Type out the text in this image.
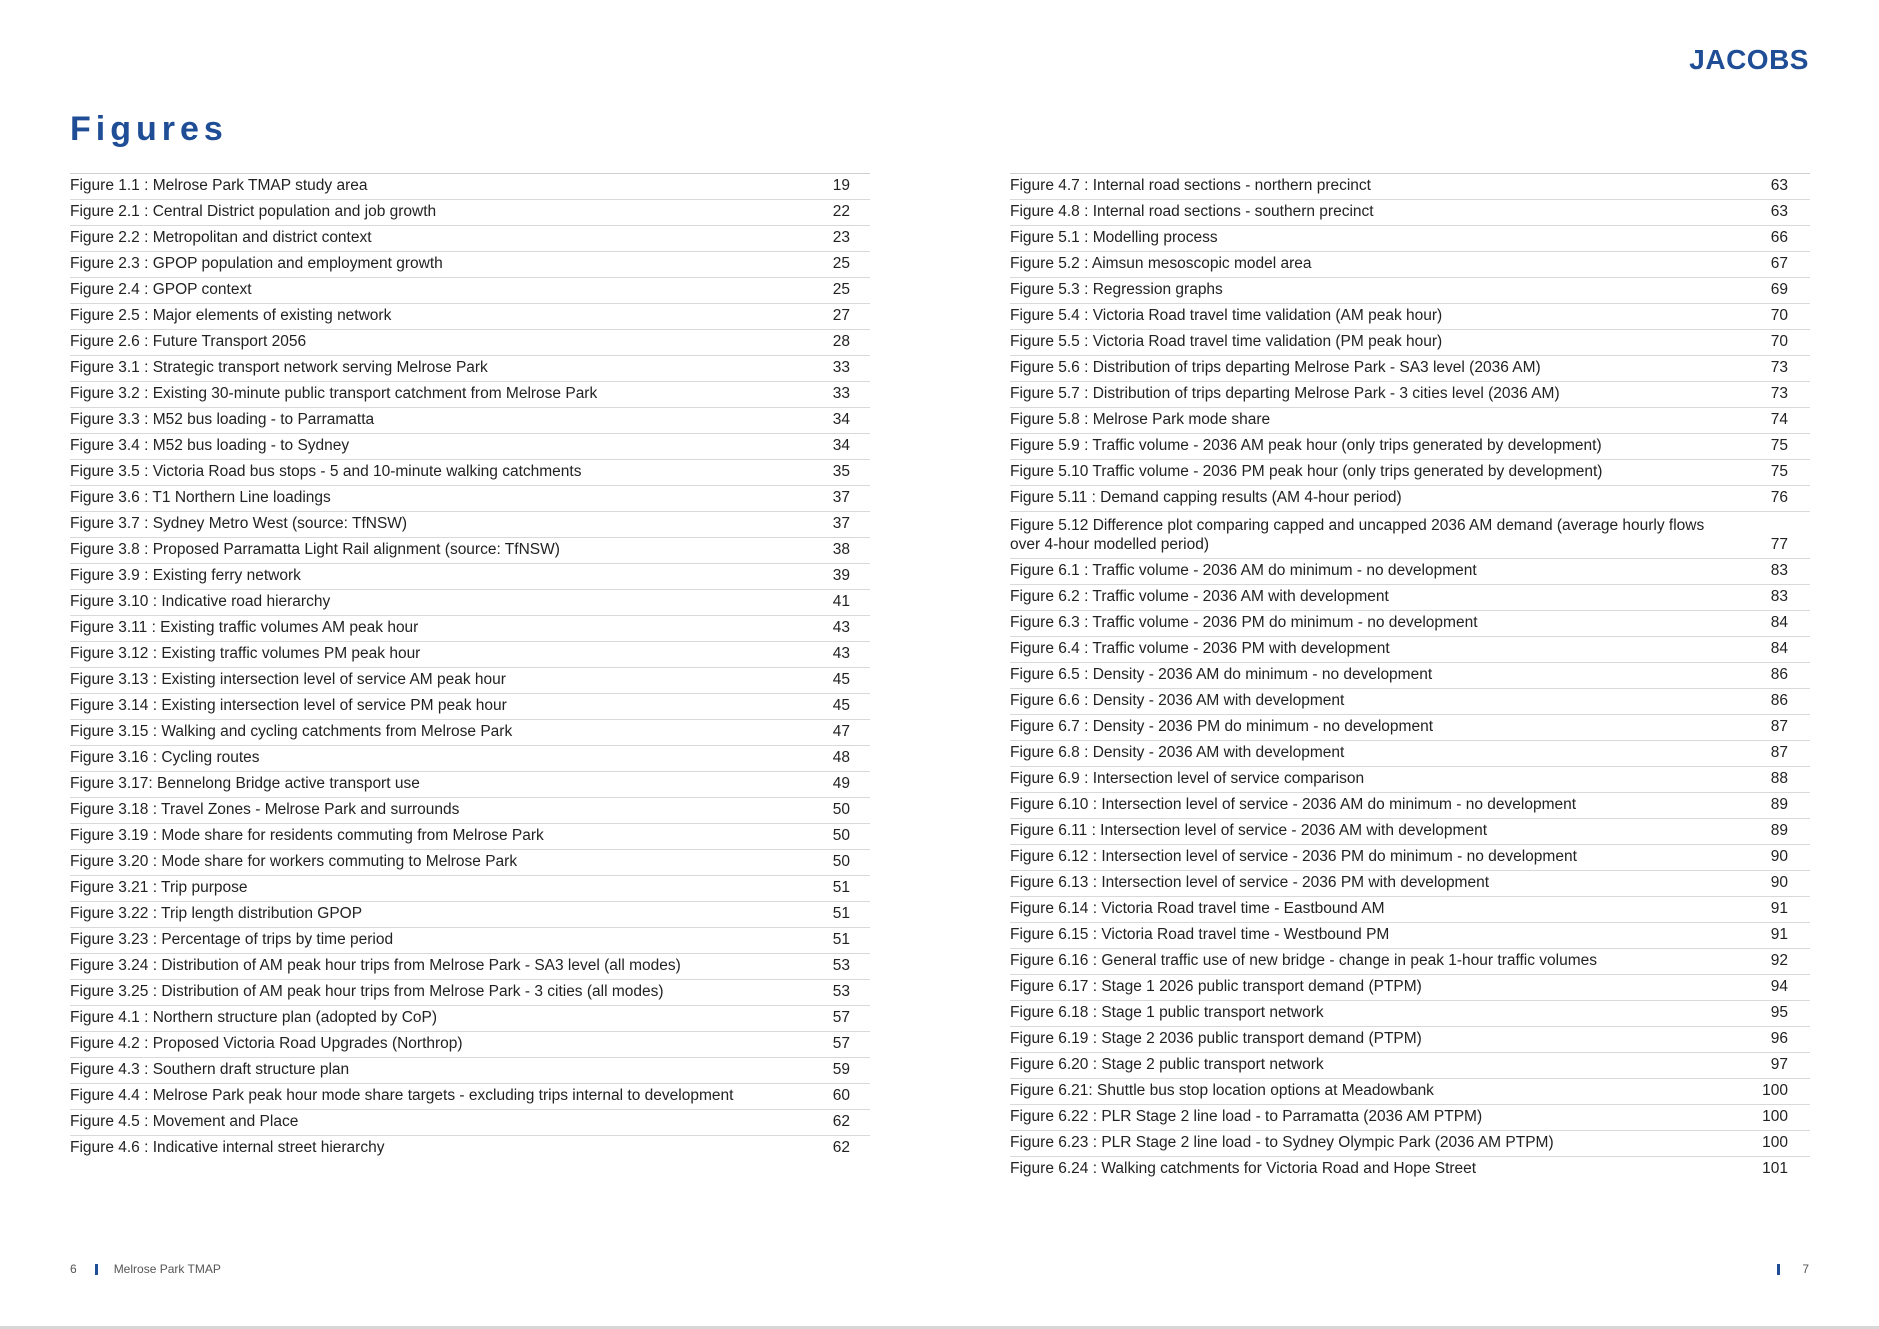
JACOBS
Figures
Figure 1.1 : Melrose Park TMAP study area	19
Figure 2.1 : Central District population and job growth	22
Figure 2.2 : Metropolitan and district context	23
Figure 2.3 : GPOP population and employment growth	25
Figure 2.4 : GPOP context	25
Figure 2.5 : Major elements of existing network	27
Figure 2.6 : Future Transport 2056	28
Figure 3.1 : Strategic transport network serving Melrose Park	33
Figure 3.2 : Existing 30-minute public transport catchment from Melrose Park	33
Figure 3.3 : M52 bus loading - to Parramatta	34
Figure 3.4 : M52 bus loading - to Sydney	34
Figure 3.5 : Victoria Road bus stops - 5 and 10-minute walking catchments	35
Figure 3.6 : T1 Northern Line loadings	37
Figure 3.7 : Sydney Metro West (source: TfNSW)	37
Figure 3.8 : Proposed Parramatta Light Rail alignment (source: TfNSW)	38
Figure 3.9 : Existing ferry network	39
Figure 3.10 : Indicative road hierarchy	41
Figure 3.11 : Existing traffic volumes AM peak hour	43
Figure 3.12 : Existing traffic volumes PM peak hour	43
Figure 3.13 : Existing intersection level of service AM peak hour	45
Figure 3.14 : Existing intersection level of service PM peak hour	45
Figure 3.15 : Walking and cycling catchments from Melrose Park	47
Figure 3.16 : Cycling routes	48
Figure 3.17: Bennelong Bridge active transport use	49
Figure 3.18 : Travel Zones - Melrose Park and surrounds	50
Figure 3.19 : Mode share for residents commuting from Melrose Park	50
Figure 3.20 : Mode share for workers commuting to Melrose Park	50
Figure 3.21 : Trip purpose	51
Figure 3.22 : Trip length distribution GPOP	51
Figure 3.23 : Percentage of trips by time period	51
Figure 3.24 : Distribution of AM peak hour trips from Melrose Park - SA3 level (all modes)	53
Figure 3.25 : Distribution of AM peak hour trips from Melrose Park - 3 cities (all modes)	53
Figure 4.1 : Northern structure plan (adopted by CoP)	57
Figure 4.2 : Proposed Victoria Road Upgrades (Northrop)	57
Figure 4.3 : Southern draft structure plan	59
Figure 4.4 : Melrose Park peak hour mode share targets - excluding trips internal to development	60
Figure 4.5 : Movement and Place	62
Figure 4.6 : Indicative internal street hierarchy	62
Figure 4.7 : Internal road sections - northern precinct	63
Figure 4.8 : Internal road sections - southern precinct	63
Figure 5.1 : Modelling process	66
Figure 5.2 : Aimsun mesoscopic model area	67
Figure 5.3 : Regression graphs	69
Figure 5.4 : Victoria Road travel time validation (AM peak hour)	70
Figure 5.5 : Victoria Road travel time validation (PM peak hour)	70
Figure 5.6 : Distribution of trips departing Melrose Park - SA3 level (2036 AM)	73
Figure 5.7 : Distribution of trips departing Melrose Park - 3 cities level (2036 AM)	73
Figure 5.8 : Melrose Park mode share	74
Figure 5.9 : Traffic volume - 2036 AM peak hour (only trips generated by development)	75
Figure 5.10 Traffic volume - 2036 PM peak hour (only trips generated by development)	75
Figure 5.11 : Demand capping results (AM 4-hour period)	76
Figure 5.12 Difference plot comparing capped and uncapped 2036 AM demand (average hourly flows over 4-hour modelled period)	77
Figure 6.1 : Traffic volume - 2036 AM do minimum - no development	83
Figure 6.2 : Traffic volume - 2036 AM with development	83
Figure 6.3 : Traffic volume - 2036 PM do minimum - no development	84
Figure 6.4 : Traffic volume - 2036 PM with development	84
Figure 6.5 : Density - 2036 AM do minimum - no development	86
Figure 6.6 : Density - 2036 AM with development	86
Figure 6.7 : Density - 2036 PM do minimum - no development	87
Figure 6.8 : Density - 2036 AM with development	87
Figure 6.9 : Intersection level of service comparison	88
Figure 6.10 : Intersection level of service - 2036 AM do minimum - no development	89
Figure 6.11 : Intersection level of service - 2036 AM with development	89
Figure 6.12 : Intersection level of service - 2036 PM do minimum - no development	90
Figure 6.13 : Intersection level of service - 2036 PM with development	90
Figure 6.14 : Victoria Road travel time - Eastbound AM	91
Figure 6.15 : Victoria Road travel time - Westbound PM	91
Figure 6.16 : General traffic use of new bridge - change in peak 1-hour traffic volumes	92
Figure 6.17 : Stage 1 2026 public transport demand (PTPM)	94
Figure 6.18 : Stage 1 public transport network	95
Figure 6.19 : Stage 2 2036 public transport demand (PTPM)	96
Figure 6.20 : Stage 2 public transport network	97
Figure 6.21: Shuttle bus stop location options at Meadowbank	100
Figure 6.22 : PLR Stage 2 line load - to Parramatta (2036 AM PTPM)	100
Figure 6.23 : PLR Stage 2 line load - to Sydney Olympic Park (2036 AM PTPM)	100
Figure 6.24 : Walking catchments for Victoria Road and Hope Street	101
6	Melrose Park TMAP	7
